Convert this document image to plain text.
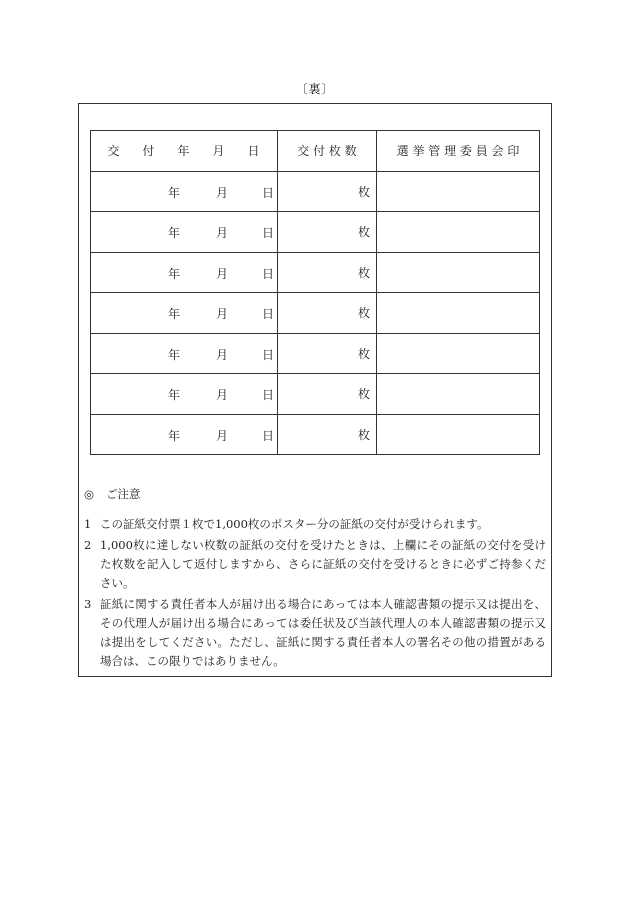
〔裏〕
交 付 年 月 日	交 付 枚 数	選 挙 管 理 委 員 会 印

年 月 日	枚	

年 月 日	枚	

年 月 日	枚	

年 月 日	枚	

年 月 日	枚	

年 月 日	枚	

年 月 日	枚	
◎ ご注意
1 この証紙交付票１枚で1,000枚のポスター分の証紙の交付が受けられます。
2 1,000枚に達しない枚数の証紙の交付を受けたときは、上欄にその証紙の交付を受けた枚数を記入して返付しますから、さらに証紙の交付を受けるときに必ずご持参ください。
3 証紙に関する責任者本人が届け出る場合にあっては本人確認書類の提示又は提出を、その代理人が届け出る場合にあっては委任状及び当該代理人の本人確認書類の提示又は提出をしてください。ただし、証紙に関する責任者本人の署名その他の措置がある場合は、この限りではありません。
